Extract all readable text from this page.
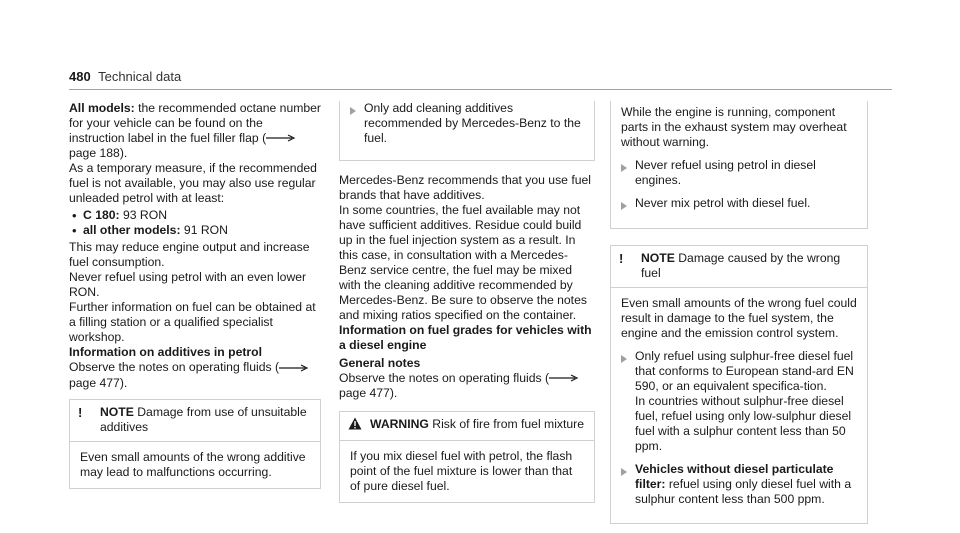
480 Technical data

All models: the recommended octane number for your vehicle can be found on the instruction label in the fuel filler flap ( page 188).

As a temporary measure, if the recommended fuel is not available, you may also use regular unleaded petrol with at least:

• C 180: 93 RON
• all other models: 91 RON

This may reduce engine output and increase fuel consumption.

Never refuel using petrol with an even lower RON.

Further information on fuel can be obtained at a filling station or a qualified specialist workshop.

Information on additives in petrol

Observe the notes on operating fluids ( page 477).

!	NOTE Damage from use of unsuitable additives
Even small amounts of the wrong additive may lead to malfunctions occurring.
Only add cleaning additives recommended by Mercedes-Benz to the fuel.

Mercedes-Benz recommends that you use fuel brands that have additives.

In some countries, the fuel available may not have sufficient additives. Residue could build up in the fuel injection system as a result. In this case, in consultation with a Mercedes-Benz service centre, the fuel may be mixed with the cleaning additive recommended by Mercedes-Benz. Be sure to observe the notes and mixing ratios specified on the container.

Information on fuel grades for vehicles with a diesel engine

General notes

Observe the notes on operating fluids ( page 477).

WARNING Risk of fire from fuel mixture
If you mix diesel fuel with petrol, the flash point of the fuel mixture is lower than that of pure diesel fuel.

While the engine is running, component parts in the exhaust system may overheat without warning.

Never refuel using petrol in diesel engines.
Never mix petrol with diesel fuel.
!	NOTE Damage caused by the wrong fuel

Even small amounts of the wrong fuel could result in damage to the fuel system, the engine and the emission control system.

Only refuel using sulphur-free diesel fuel that conforms to European stand-ard EN 590, or an equivalent specifica-tion.

In countries without sulphur-free diesel fuel, refuel using only low-sulphur diesel fuel with a sulphur content less than 50 ppm.

Vehicles without diesel particulate filter: refuel using only diesel fuel with a sulphur content less than 500 ppm.
